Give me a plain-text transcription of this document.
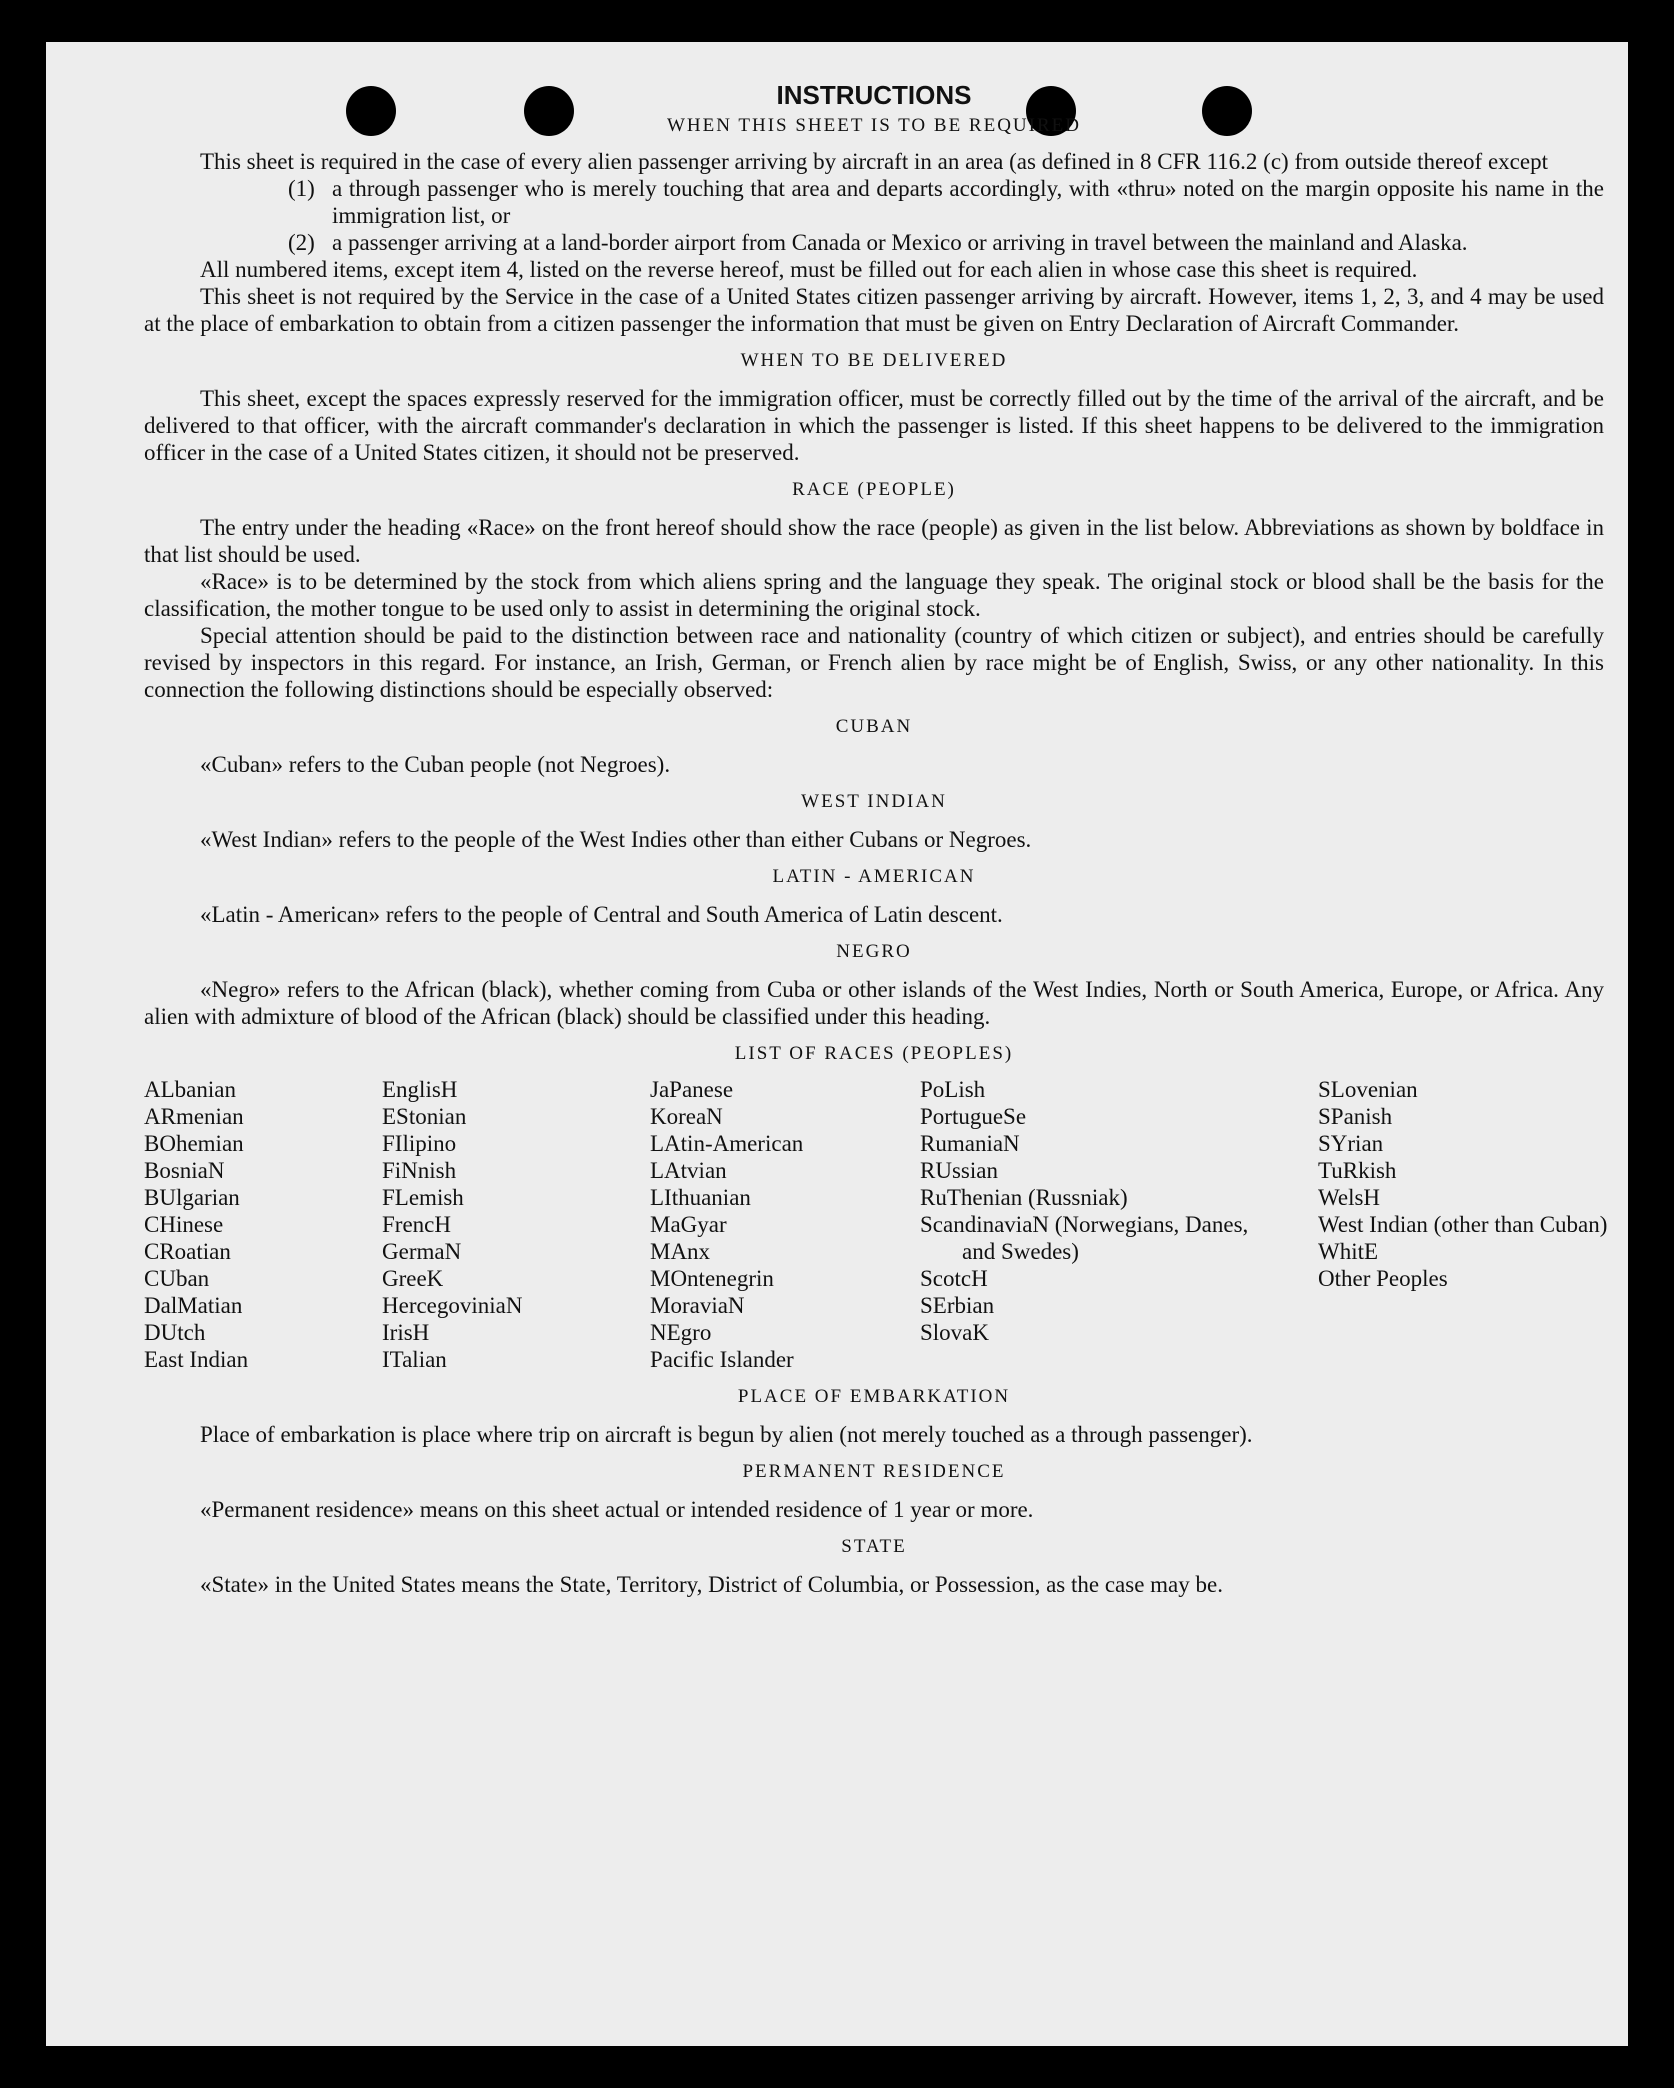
INSTRUCTIONS
WHEN THIS SHEET IS TO BE REQUIRED

This sheet is required in the case of every alien passenger arriving by aircraft in an area (as defined in 8 CFR 116.2 (c) from outside thereof except

(1) a through passenger who is merely touching that area and departs accordingly, with «thru» noted on the margin opposite his name in the immigration list, or
(2) a passenger arriving at a land-border airport from Canada or Mexico or arriving in travel between the mainland and Alaska.

All numbered items, except item 4, listed on the reverse hereof, must be filled out for each alien in whose case this sheet is required.

This sheet is not required by the Service in the case of a United States citizen passenger arriving by aircraft. However, items 1, 2, 3, and 4 may be used at the place of embarkation to obtain from a citizen passenger the information that must be given on Entry Declaration of Aircraft Commander.

WHEN TO BE DELIVERED

This sheet, except the spaces expressly reserved for the immigration officer, must be correctly filled out by the time of the arrival of the aircraft, and be delivered to that officer, with the aircraft commander's declaration in which the passenger is listed. If this sheet happens to be delivered to the immigration officer in the case of a United States citizen, it should not be preserved.

RACE (PEOPLE)

The entry under the heading «Race» on the front hereof should show the race (people) as given in the list below. Abbreviations as shown by boldface in that list should be used.

«Race» is to be determined by the stock from which aliens spring and the language they speak. The original stock or blood shall be the basis for the classification, the mother tongue to be used only to assist in determining the original stock.

Special attention should be paid to the distinction between race and nationality (country of which citizen or subject), and entries should be carefully revised by inspectors in this regard. For instance, an Irish, German, or French alien by race might be of English, Swiss, or any other nationality. In this connection the following distinctions should be especially observed:

CUBAN

«Cuban» refers to the Cuban people (not Negroes).

WEST INDIAN

«West Indian» refers to the people of the West Indies other than either Cubans or Negroes.

LATIN - AMERICAN

«Latin - American» refers to the people of Central and South America of Latin descent.

NEGRO

«Negro» refers to the African (black), whether coming from Cuba or other islands of the West Indies, North or South America, Europe, or Africa. Any alien with admixture of blood of the African (black) should be classified under this heading.

LIST OF RACES (PEOPLES)
ALbanian
ARmenian
BOhemian
BosniaN
BUlgarian
CHinese
CRoatian
CUban
DalMatian
DUtch
East Indian
EnglisH
EStonian
FIlipino
FiNnish
FLemish
FrencH
GermaN
GreeK
HercegoviniaN
IrisH
ITalian
JaPanese
KoreaN
LAtin-American
LAtvian
LIthuanian
MaGyar
MAnx
MOntenegrin
MoraviaN
NEgro
Pacific Islander
PoLish
PortugueSe
RumaniaN
RUssian
RuThenian (Russniak)
ScandinaviaN (Norwegians, Danes, and Swedes)
ScotcH
SErbian
SlovaK
SLovenian
SPanish
SYrian
TuRkish
WelsH
West Indian (other than Cuban)
WhitE
Other Peoples
PLACE OF EMBARKATION

Place of embarkation is place where trip on aircraft is begun by alien (not merely touched as a through passenger).

PERMANENT RESIDENCE

«Permanent residence» means on this sheet actual or intended residence of 1 year or more.

STATE

«State» in the United States means the State, Territory, District of Columbia, or Possession, as the case may be.
